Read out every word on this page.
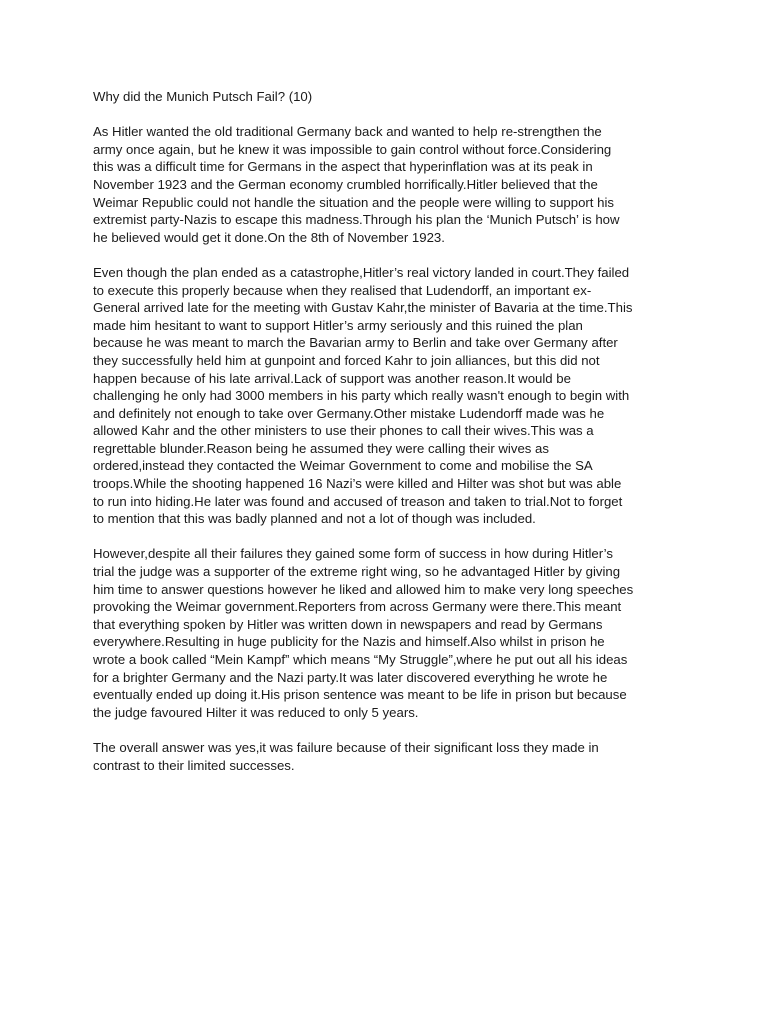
Why did the Munich Putsch Fail? (10)
As Hitler wanted the old traditional Germany back and wanted to help re-strengthen the
army once again, but he knew it was impossible to gain control without force.Considering
this was a difficult time for Germans in the aspect that hyperinflation was at its peak in
November 1923 and the German economy crumbled horrifically.Hitler believed that the
Weimar Republic could not handle the situation and the people were willing to support his
extremist party-Nazis to escape this madness.Through his plan the ‘Munich Putsch’ is how
he believed would get it done.On the 8th of November 1923.
Even though the plan ended as a catastrophe,Hitler’s real victory landed in court.They failed
to execute this properly because when they realised that Ludendorff, an important ex-
General arrived late for the meeting with Gustav Kahr,the minister of Bavaria at the time.This
made him hesitant to want to support Hitler’s army seriously and this ruined the plan
because he was meant to march the Bavarian army to Berlin and take over Germany after
they successfully held him at gunpoint and forced Kahr to join alliances, but this did not
happen because of his late arrival.Lack of support was another reason.It would be
challenging he only had 3000 members in his party which really wasn't enough to begin with
and definitely not enough to take over Germany.Other mistake Ludendorff made was he
allowed Kahr and the other ministers to use their phones to call their wives.This was a
regrettable blunder.Reason being he assumed they were calling their wives as
ordered,instead they contacted the Weimar Government to come and mobilise the SA
troops.While the shooting happened 16 Nazi’s were killed and Hilter was shot but was able
to run into hiding.He later was found and accused of treason and taken to trial.Not to forget
to mention that this was badly planned and not a lot of though was included.
However,despite all their failures they gained some form of success in how during Hitler’s
trial the judge was a supporter of the extreme right wing, so he advantaged Hitler by giving
him time to answer questions however he liked and allowed him to make very long speeches
provoking the Weimar government.Reporters from across Germany were there.This meant
that everything spoken by Hitler was written down in newspapers and read by Germans
everywhere.Resulting in huge publicity for the Nazis and himself.Also whilst in prison he
wrote a book called “Mein Kampf” which means “My Struggle”,where he put out all his ideas
for a brighter Germany and the Nazi party.It was later discovered everything he wrote he
eventually ended up doing it.His prison sentence was meant to be life in prison but because
the judge favoured Hilter it was reduced to only 5 years.
The overall answer was yes,it was failure because of their significant loss they made in
contrast to their limited successes.
